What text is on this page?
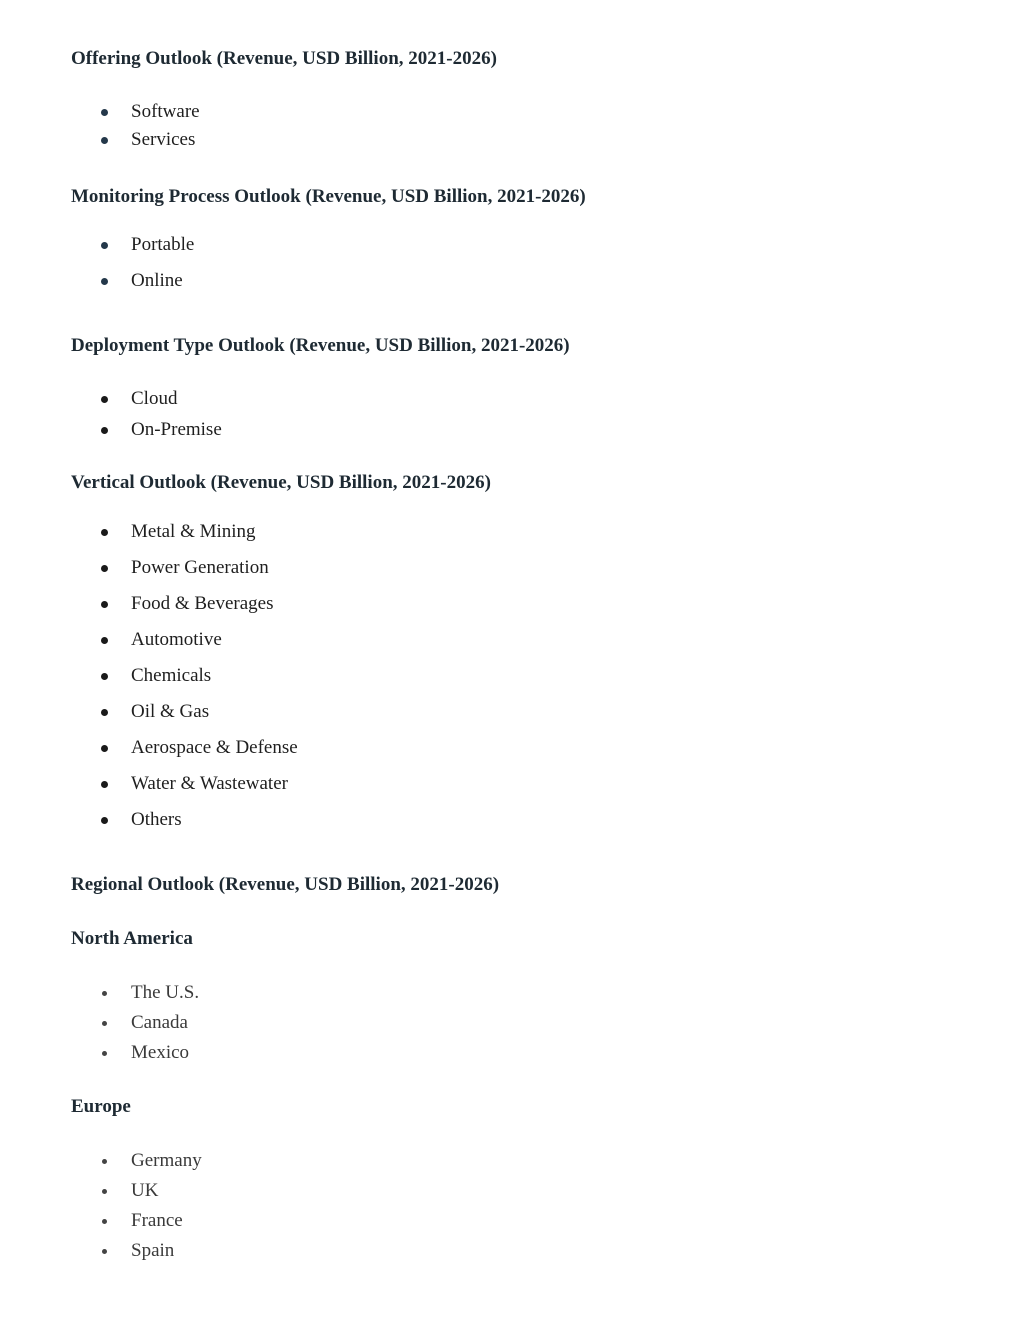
Offering Outlook (Revenue, USD Billion, 2021-2026)
Software
Services
Monitoring Process Outlook (Revenue, USD Billion, 2021-2026)
Portable
Online
Deployment Type Outlook (Revenue, USD Billion, 2021-2026)
Cloud
On-Premise
Vertical Outlook (Revenue, USD Billion, 2021-2026)
Metal & Mining
Power Generation
Food & Beverages
Automotive
Chemicals
Oil & Gas
Aerospace & Defense
Water & Wastewater
Others
Regional Outlook (Revenue, USD Billion, 2021-2026)
North America
The U.S.
Canada
Mexico
Europe
Germany
UK
France
Spain
